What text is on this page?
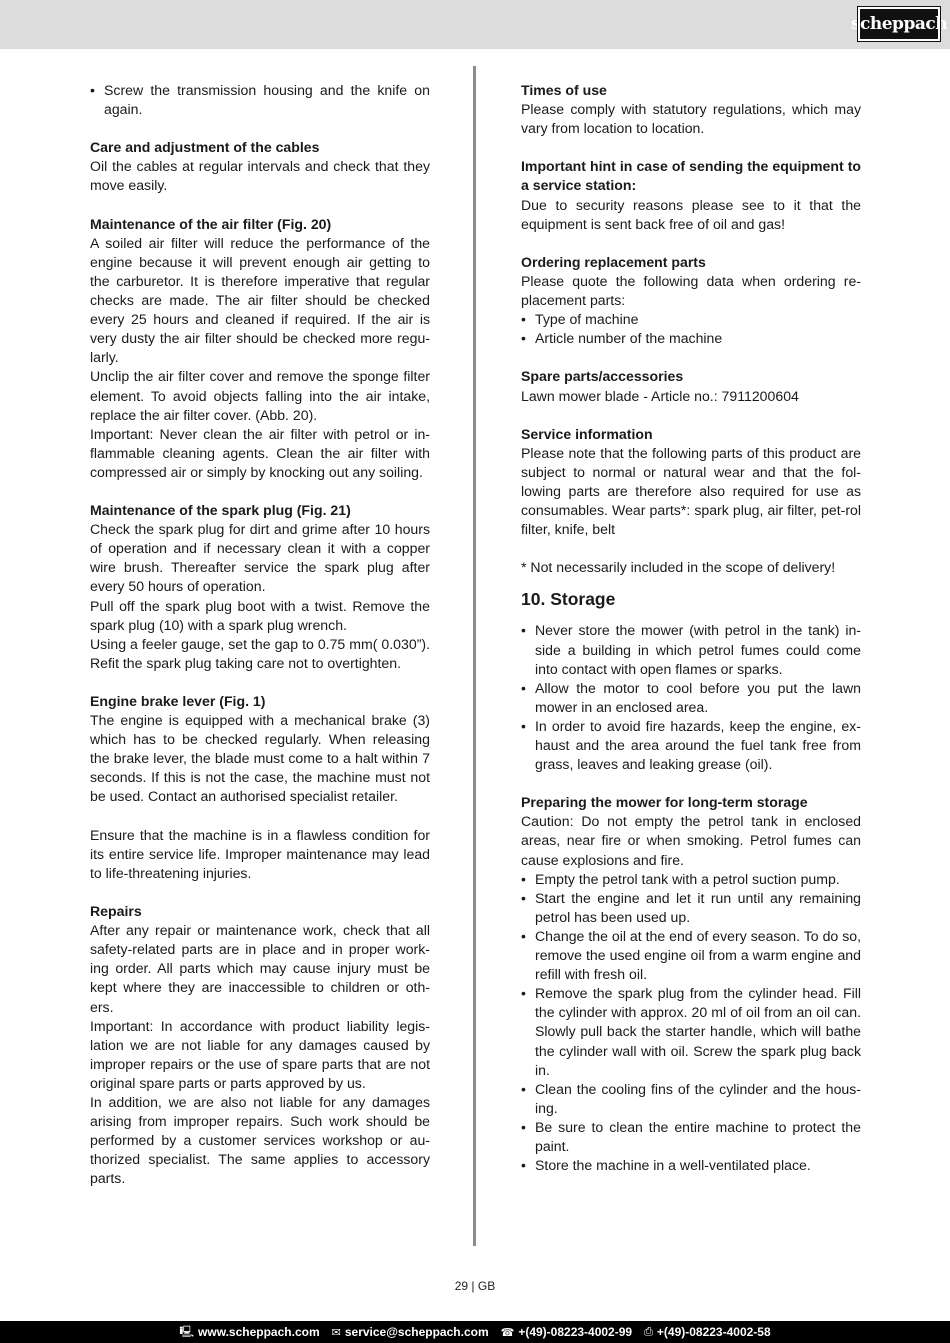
scheppach
• Screw the transmission housing and the knife on again.
Care and adjustment of the cables

Oil the cables at regular intervals and check that they move easily.

Maintenance of the air filter (Fig. 20)

A soiled air filter will reduce the performance of the engine because it will prevent enough air getting to the carburetor. It is therefore imperative that regular checks are made. The air filter should be checked every 25 hours and cleaned if required. If the air is very dusty the air filter should be checked more regu-larly.

Unclip the air filter cover and remove the sponge filter element. To avoid objects falling into the air intake, replace the air filter cover. (Abb. 20).

Important: Never clean the air filter with petrol or in-flammable cleaning agents. Clean the air filter with compressed air or simply by knocking out any soiling.

Maintenance of the spark plug (Fig. 21)

Check the spark plug for dirt and grime after 10 hours of operation and if necessary clean it with a copper wire brush. Thereafter service the spark plug after every 50 hours of operation.

Pull off the spark plug boot with a twist. Remove the spark plug (10) with a spark plug wrench.

Using a feeler gauge, set the gap to 0.75 mm( 0.030”). Refit the spark plug taking care not to overtighten.

Engine brake lever (Fig. 1)

The engine is equipped with a mechanical brake (3) which has to be checked regularly. When releasing the brake lever, the blade must come to a halt within 7 seconds. If this is not the case, the machine must not be used. Contact an authorised specialist retailer.

Ensure that the machine is in a flawless condition for its entire service life. Improper maintenance may lead to life-threatening injuries.

Repairs

After any repair or maintenance work, check that all safety-related parts are in place and in proper work-ing order. All parts which may cause injury must be kept where they are inaccessible to children or oth-ers.

Important: In accordance with product liability legis-lation we are not liable for any damages caused by improper repairs or the use of spare parts that are not original spare parts or parts approved by us.

In addition, we are also not liable for any damages arising from improper repairs. Such work should be performed by a customer services workshop or au-thorized specialist. The same applies to accessory parts.

Times of use

Please comply with statutory regulations, which may vary from location to location.

Important hint in case of sending the equipment to a service station:

Due to security reasons please see to it that the equipment is sent back free of oil and gas!

Ordering replacement parts

Please quote the following data when ordering re-placement parts:

• Type of machine
• Article number of the machine
Spare parts/accessories

Lawn mower blade - Article no.: 7911200604

Service information

Please note that the following parts of this product are subject to normal or natural wear and that the fol-lowing parts are therefore also required for use as consumables. Wear parts*: spark plug, air filter, pet-rol filter, knife, belt

* Not necessarily included in the scope of delivery!

10. Storage
• Never store the mower (with petrol in the tank) in-side a building in which petrol fumes could come into contact with open flames or sparks.
• Allow the motor to cool before you put the lawn mower in an enclosed area.
• In order to avoid fire hazards, keep the engine, ex-haust and the area around the fuel tank free from grass, leaves and leaking grease (oil).
Preparing the mower for long-term storage

Caution: Do not empty the petrol tank in enclosed areas, near fire or when smoking. Petrol fumes can cause explosions and fire.

• Empty the petrol tank with a petrol suction pump.
• Start the engine and let it run until any remaining petrol has been used up.
• Change the oil at the end of every season. To do so, remove the used engine oil from a warm engine and refill with fresh oil.
• Remove the spark plug from the cylinder head. Fill the cylinder with approx. 20 ml of oil from an oil can. Slowly pull back the starter handle, which will bathe the cylinder wall with oil. Screw the spark plug back in.
• Clean the cooling fins of the cylinder and the hous-ing.
• Be sure to clean the entire machine to protect the paint.
• Store the machine in a well-ventilated place.
29 | GB
🖳 www.scheppach.com ✉ service@scheppach.com ☎ +(49)-08223-4002-99 ⎙ +(49)-08223-4002-58
